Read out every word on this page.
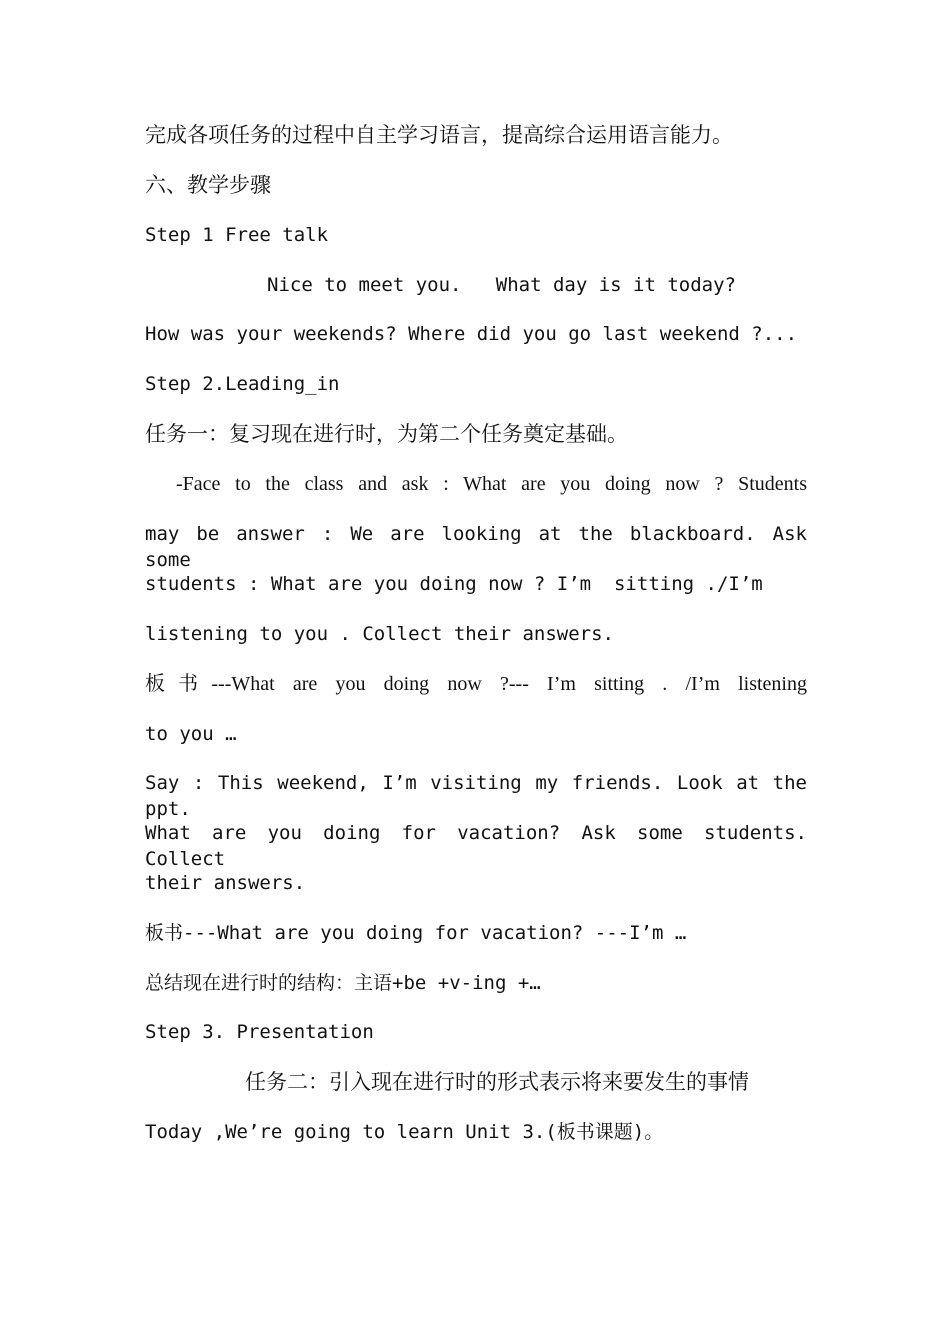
完成各项任务的过程中自主学习语言，提高综合运用语言能力。
六、教学步骤
Step 1 Free talk
Nice to meet you.   What day is it today?
How was your weekends? Where did you go last weekend ?...
Step 2.Leading_in
任务一：复习现在进行时，为第二个任务奠定基础。
-Face to the class and ask : What are you doing now ? Students
may be answer : We are looking at the blackboard. Ask some
students : What are you doing now ? I’m  sitting ./I’m
listening to you . Collect their answers.
板书---What are you doing now ?--- I’m sitting . /I’m listening
to you …
Say : This weekend, I’m visiting my friends. Look at the ppt.
What are you doing for vacation? Ask some students. Collect
their answers.
板书---What are you doing for vacation? ---I’m …
总结现在进行时的结构：主语+be +v-ing +…
Step 3. Presentation
任务二：引入现在进行时的形式表示将来要发生的事情
Today ,We’re going to learn Unit 3.(板书课题)。
